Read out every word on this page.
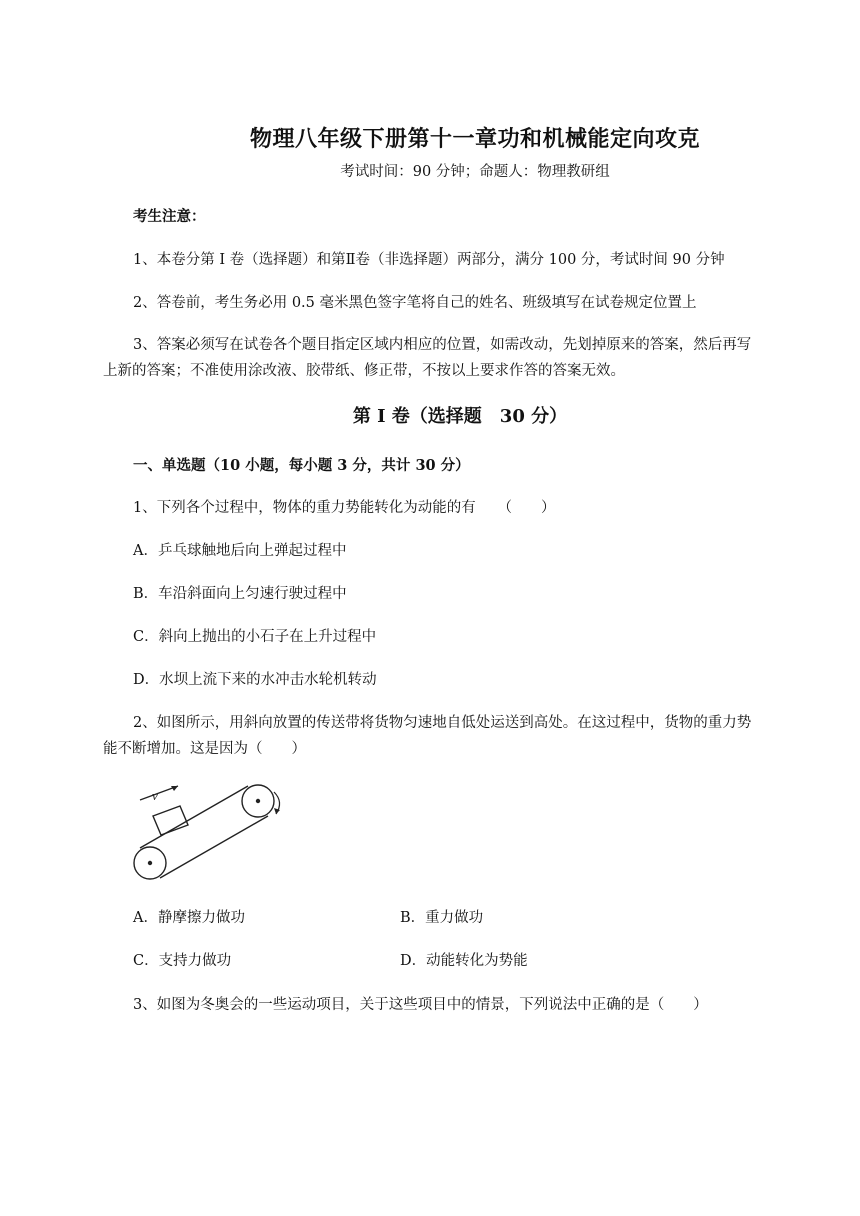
物理八年级下册第十一章功和机械能定向攻克
考试时间：90 分钟；命题人：物理教研组
考生注意：
1、本卷分第 I 卷（选择题）和第Ⅱ卷（非选择题）两部分，满分 100 分，考试时间 90 分钟
2、答卷前，考生务必用 0.5 毫米黑色签字笔将自己的姓名、班级填写在试卷规定位置上
3、答案必须写在试卷各个题目指定区域内相应的位置，如需改动，先划掉原来的答案，然后再写
上新的答案；不准使用涂改液、胶带纸、修正带，不按以上要求作答的答案无效。
第 I 卷（选择题　30 分）
一、单选题（10 小题，每小题 3 分，共计 30 分）
1、下列各个过程中，物体的重力势能转化为动能的有　　（　　）
A．乒乓球触地后向上弹起过程中
B．车沿斜面向上匀速行驶过程中
C．斜向上抛出的小石子在上升过程中
D．水坝上流下来的水冲击水轮机转动
2、如图所示，用斜向放置的传送带将货物匀速地自低处运送到高处。在这过程中，货物的重力势
能不断增加。这是因为（　　）
v
A．静摩擦力做功	B．重力做功
C．支持力做功	D．动能转化为势能
3、如图为冬奥会的一些运动项目，关于这些项目中的情景，下列说法中正确的是（　　）
